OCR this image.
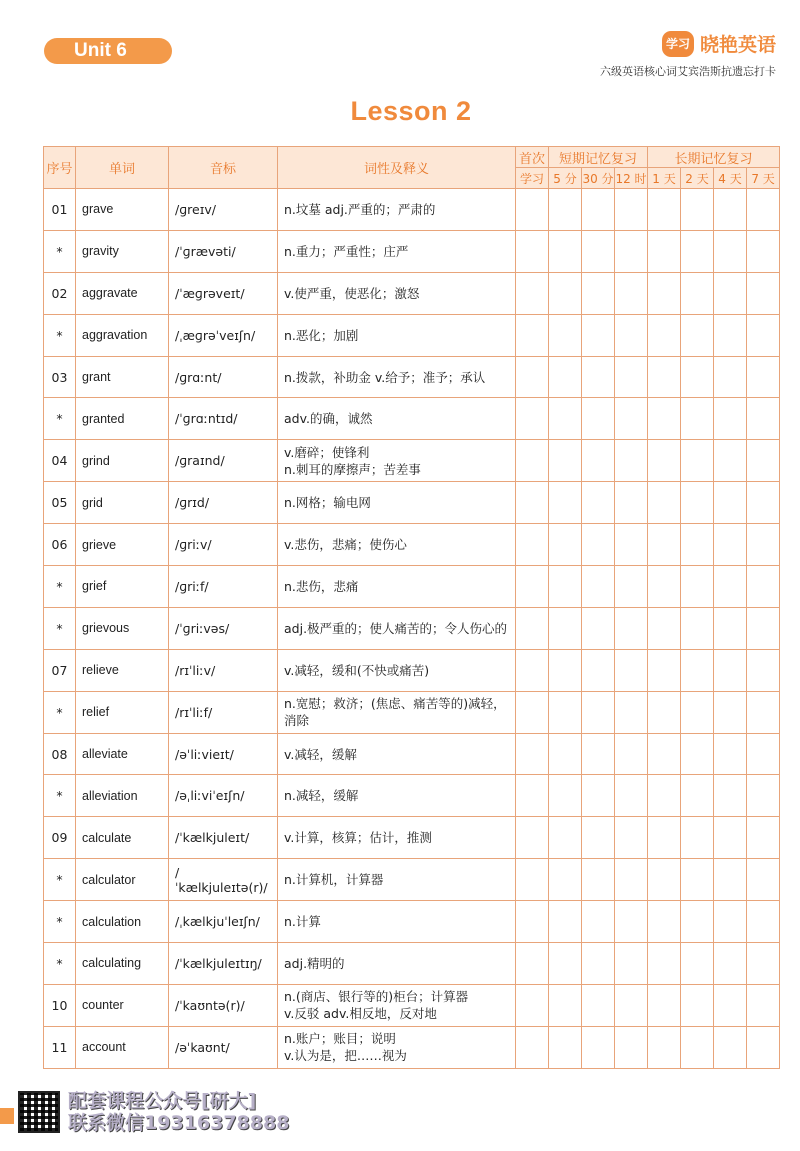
Unit 6	学习 晓艳英语
六级英语核心词艾宾浩斯抗遗忘打卡
Lesson 2
序号	单词	音标	词性及释义	首次	短期记忆复习			长期记忆复习			
				学习	5 分	30 分	12 时	1 天	2 天	4 天	7 天
01	grave	/ɡreɪv/	n.坟墓 adj.严重的；严肃的								
*	gravity	/ˈɡrævəti/	n.重力；严重性；庄严								
02	aggravate	/ˈæɡrəveɪt/	v.使严重，使恶化；激怒								
*	aggravation	/ˌæɡrəˈveɪʃn/	n.恶化；加剧								
03	grant	/ɡrɑːnt/	n.拨款，补助金 v.给予；准予；承认								
*	granted	/ˈɡrɑːntɪd/	adv.的确，诚然								
04	grind	/ɡraɪnd/	v.磨碎；使锋利
n.刺耳的摩擦声；苦差事								
05	grid	/ɡrɪd/	n.网格；输电网								
06	grieve	/ɡriːv/	v.悲伤，悲痛；使伤心								
*	grief	/ɡriːf/	n.悲伤，悲痛								
*	grievous	/ˈɡriːvəs/	adj.极严重的；使人痛苦的；令人伤心的								
07	relieve	/rɪˈliːv/	v.减轻，缓和(不快或痛苦)								
*	relief	/rɪˈliːf/	n.宽慰；救济；(焦虑、痛苦等的)减轻，消除								
08	alleviate	/əˈliːvieɪt/	v.减轻，缓解								
*	alleviation	/əˌliːviˈeɪʃn/	n.减轻，缓解								
09	calculate	/ˈkælkjuleɪt/	v.计算，核算；估计，推测								
*	calculator	/ˈkælkjuleɪtə(r)/	n.计算机，计算器								
*	calculation	/ˌkælkjuˈleɪʃn/	n.计算								
*	calculating	/ˈkælkjuleɪtɪŋ/	adj.精明的								
10	counter	/ˈkaʊntə(r)/	n.(商店、银行等的)柜台；计算器
v.反驳 adv.相反地，反对地								
11	account	/əˈkaʊnt/	n.账户；账目；说明
v.认为是，把……视为								
配套课程公众号[研大]
联系微信19316378888
